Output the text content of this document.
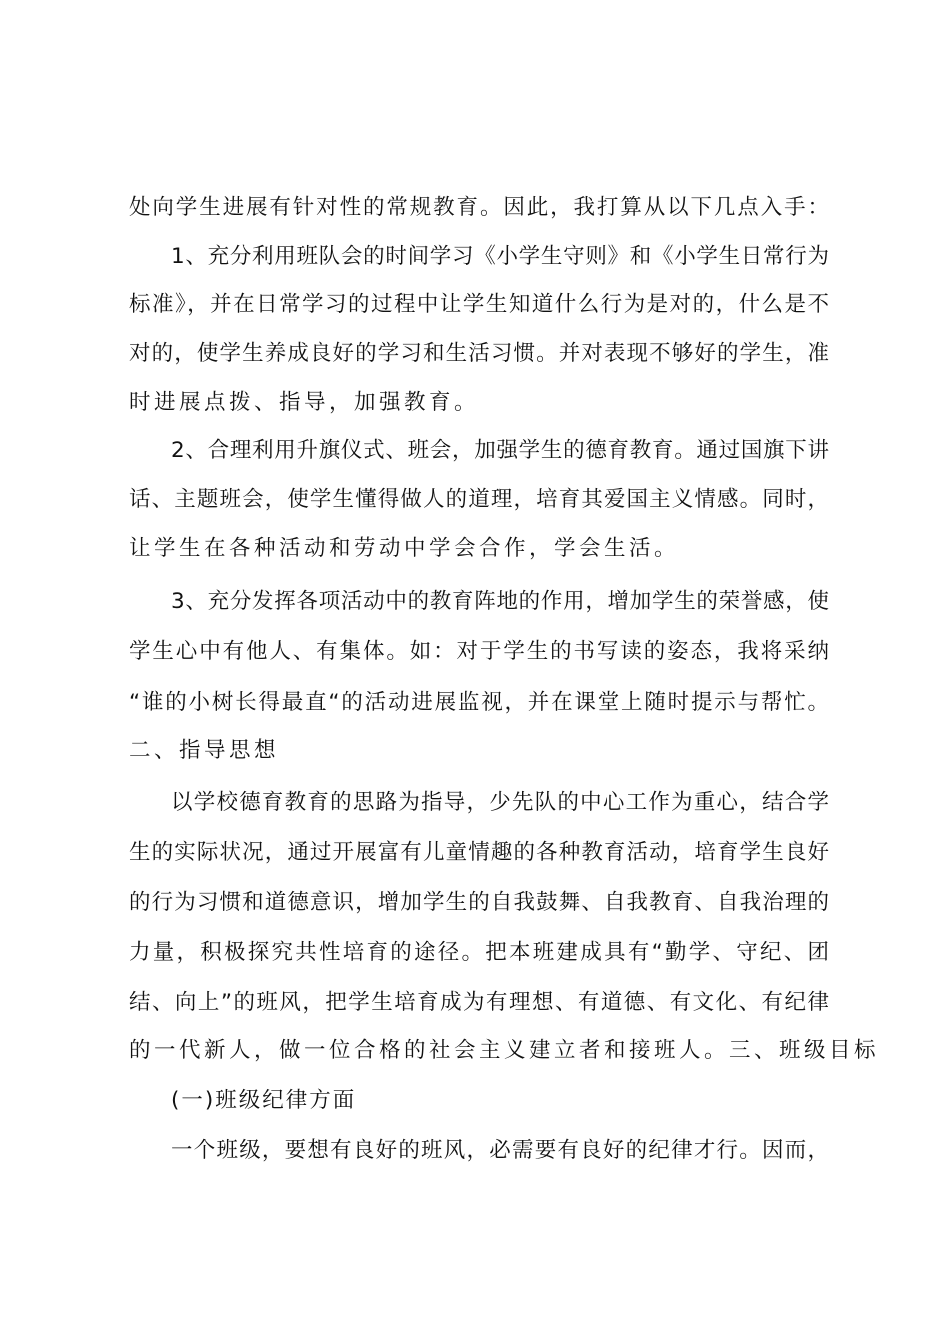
处向学生进展有针对性的常规教育。因此，我打算从以下几点入手：
1、充分利用班队会的时间学习《小学生守则》和《小学生日常行为
标准》，并在日常学习的过程中让学生知道什么行为是对的，什么是不
对的，使学生养成良好的学习和生活习惯。并对表现不够好的学生，准
时进展点拨、指导，加强教育。
2、合理利用升旗仪式、班会，加强学生的德育教育。通过国旗下讲
话、主题班会，使学生懂得做人的道理，培育其爱国主义情感。同时，
让学生在各种活动和劳动中学会合作，学会生活。
3、充分发挥各项活动中的教育阵地的作用，增加学生的荣誉感，使
学生心中有他人、有集体。如：对于学生的书写读的姿态，我将采纳
“谁的小树长得最直“的活动进展监视，并在课堂上随时提示与帮忙。
二、指导思想
以学校德育教育的思路为指导，少先队的中心工作为重心，结合学
生的实际状况，通过开展富有儿童情趣的各种教育活动，培育学生良好
的行为习惯和道德意识，增加学生的自我鼓舞、自我教育、自我治理的
力量，积极探究共性培育的途径。把本班建成具有“勤学、守纪、团
结、向上”的班风，把学生培育成为有理想、有道德、有文化、有纪律
的一代新人，做一位合格的社会主义建立者和接班人。三、班级目标
(一)班级纪律方面
一个班级，要想有良好的班风，必需要有良好的纪律才行。因而，
